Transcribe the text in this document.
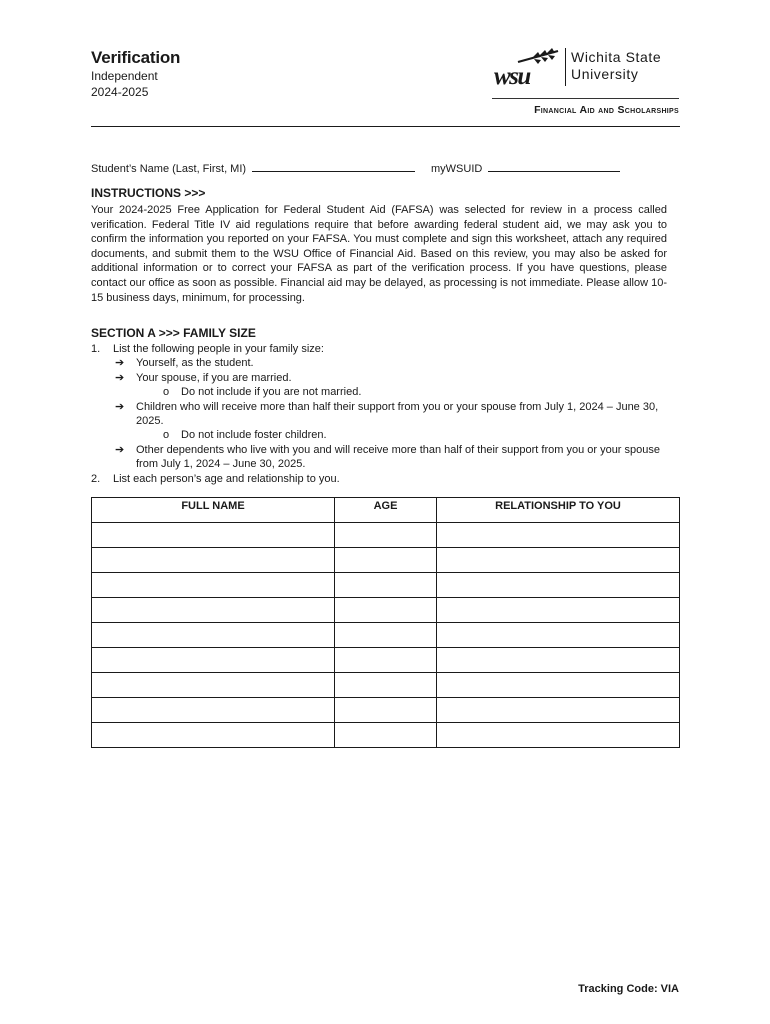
Verification
Independent
2024-2025
wsu
Wichita State
University
Financial Aid and Scholarships
Student’s Name (Last, First, MI)	myWSUID
INSTRUCTIONS >>>
Your 2024-2025 Free Application for Federal Student Aid (FAFSA) was selected for review in a process called verification. Federal Title IV aid regulations require that before awarding federal student aid, we may ask you to confirm the information you reported on your FAFSA. You must complete and sign this worksheet, attach any required documents, and submit them to the WSU Office of Financial Aid. Based on this review, you may also be asked for additional information or to correct your FAFSA as part of the verification process. If you have questions, please contact our office as soon as possible. Financial aid may be delayed, as processing is not immediate. Please allow 10-15 business days, minimum, for processing.
SECTION A >>> FAMILY SIZE
1. List the following people in your family size:
➔ Yourself, as the student.
➔ Your spouse, if you are married.
o Do not include if you are not married.
➔ Children who will receive more than half their support from you or your spouse from July 1, 2024 – June 30, 2025.
o Do not include foster children.
➔ Other dependents who live with you and will receive more than half of their support from you or your spouse from July 1, 2024 – June 30, 2025.
2. List each person’s age and relationship to you.
FULL NAME	AGE	RELATIONSHIP TO YOU

Tracking Code: VIA
